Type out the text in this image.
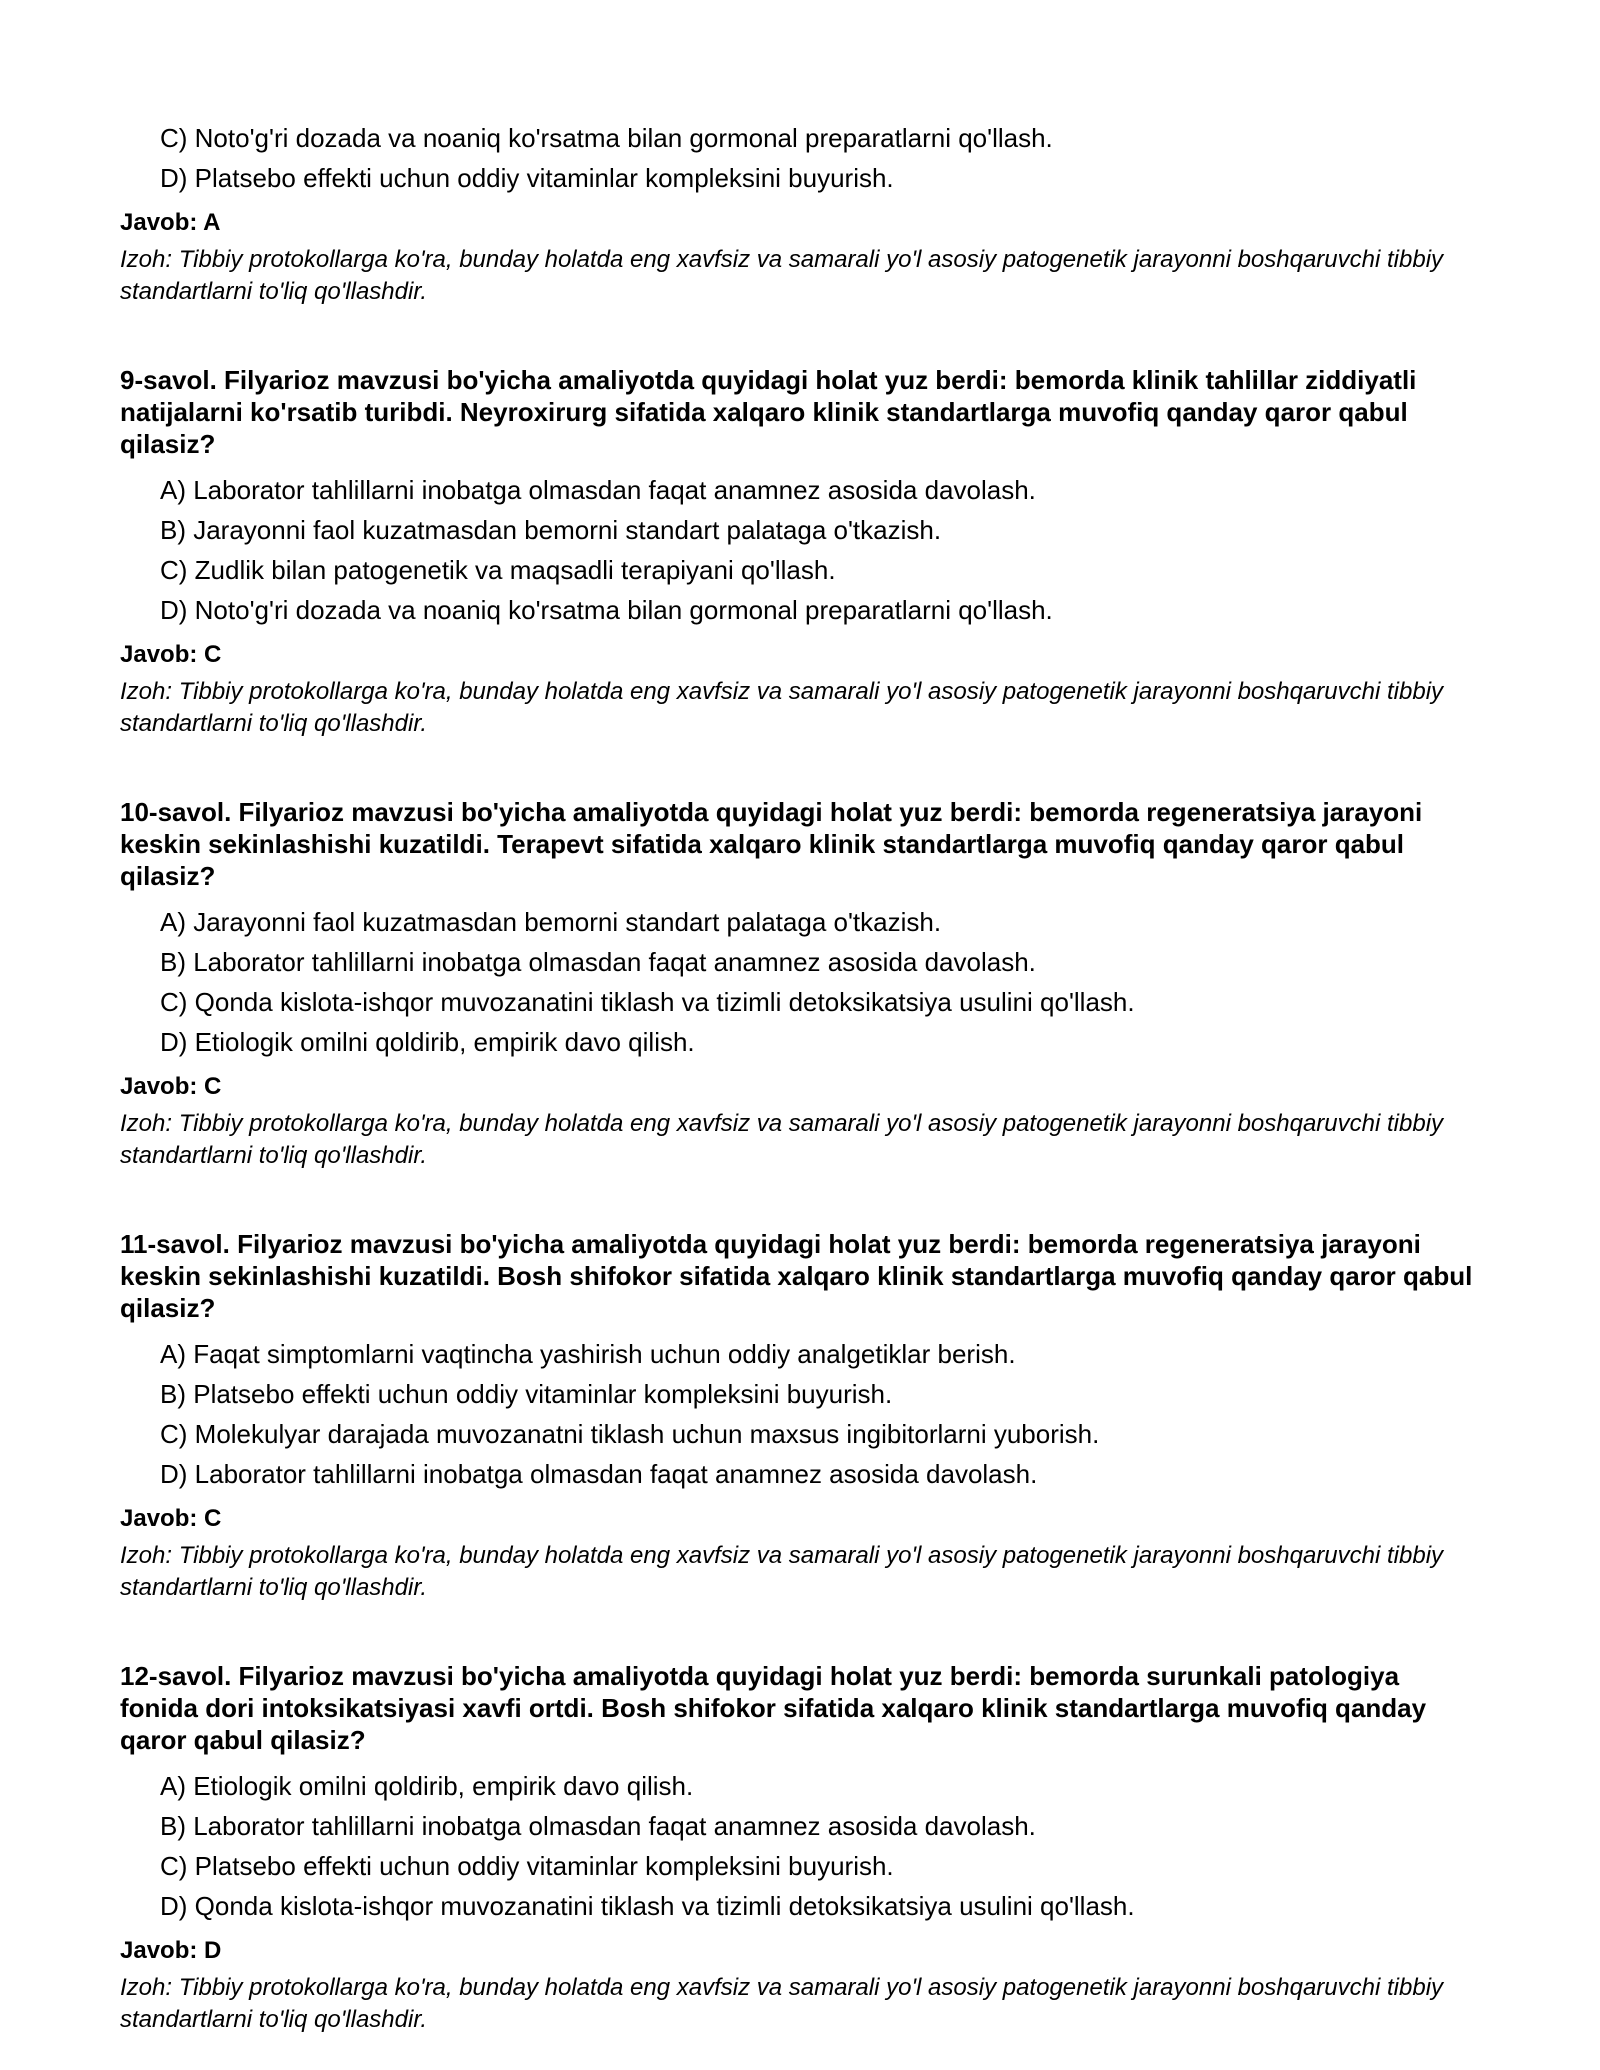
C) Noto'g'ri dozada va noaniq ko'rsatma bilan gormonal preparatlarni qo'llash.
D) Platsebo effekti uchun oddiy vitaminlar kompleksini buyurish.
Javob: A
Izoh: Tibbiy protokollarga ko'ra, bunday holatda eng xavfsiz va samarali yo'l asosiy patogenetik jarayonni boshqaruvchi tibbiy standartlarni to'liq qo'llashdir.
9-savol. Filyarioz mavzusi bo'yicha amaliyotda quyidagi holat yuz berdi: bemorda klinik tahlillar ziddiyatli natijalarni ko'rsatib turibdi. Neyroxirurg sifatida xalqaro klinik standartlarga muvofiq qanday qaror qabul qilasiz?
A) Laborator tahlillarni inobatga olmasdan faqat anamnez asosida davolash.
B) Jarayonni faol kuzatmasdan bemorni standart palataga o'tkazish.
C) Zudlik bilan patogenetik va maqsadli terapiyani qo'llash.
D) Noto'g'ri dozada va noaniq ko'rsatma bilan gormonal preparatlarni qo'llash.
Javob: C
Izoh: Tibbiy protokollarga ko'ra, bunday holatda eng xavfsiz va samarali yo'l asosiy patogenetik jarayonni boshqaruvchi tibbiy standartlarni to'liq qo'llashdir.
10-savol. Filyarioz mavzusi bo'yicha amaliyotda quyidagi holat yuz berdi: bemorda regeneratsiya jarayoni keskin sekinlashishi kuzatildi. Terapevt sifatida xalqaro klinik standartlarga muvofiq qanday qaror qabul qilasiz?
A) Jarayonni faol kuzatmasdan bemorni standart palataga o'tkazish.
B) Laborator tahlillarni inobatga olmasdan faqat anamnez asosida davolash.
C) Qonda kislota-ishqor muvozanatini tiklash va tizimli detoksikatsiya usulini qo'llash.
D) Etiologik omilni qoldirib, empirik davo qilish.
Javob: C
Izoh: Tibbiy protokollarga ko'ra, bunday holatda eng xavfsiz va samarali yo'l asosiy patogenetik jarayonni boshqaruvchi tibbiy standartlarni to'liq qo'llashdir.
11-savol. Filyarioz mavzusi bo'yicha amaliyotda quyidagi holat yuz berdi: bemorda regeneratsiya jarayoni keskin sekinlashishi kuzatildi. Bosh shifokor sifatida xalqaro klinik standartlarga muvofiq qanday qaror qabul qilasiz?
A) Faqat simptomlarni vaqtincha yashirish uchun oddiy analgetiklar berish.
B) Platsebo effekti uchun oddiy vitaminlar kompleksini buyurish.
C) Molekulyar darajada muvozanatni tiklash uchun maxsus ingibitorlarni yuborish.
D) Laborator tahlillarni inobatga olmasdan faqat anamnez asosida davolash.
Javob: C
Izoh: Tibbiy protokollarga ko'ra, bunday holatda eng xavfsiz va samarali yo'l asosiy patogenetik jarayonni boshqaruvchi tibbiy standartlarni to'liq qo'llashdir.
12-savol. Filyarioz mavzusi bo'yicha amaliyotda quyidagi holat yuz berdi: bemorda surunkali patologiya fonida dori intoksikatsiyasi xavfi ortdi. Bosh shifokor sifatida xalqaro klinik standartlarga muvofiq qanday qaror qabul qilasiz?
A) Etiologik omilni qoldirib, empirik davo qilish.
B) Laborator tahlillarni inobatga olmasdan faqat anamnez asosida davolash.
C) Platsebo effekti uchun oddiy vitaminlar kompleksini buyurish.
D) Qonda kislota-ishqor muvozanatini tiklash va tizimli detoksikatsiya usulini qo'llash.
Javob: D
Izoh: Tibbiy protokollarga ko'ra, bunday holatda eng xavfsiz va samarali yo'l asosiy patogenetik jarayonni boshqaruvchi tibbiy standartlarni to'liq qo'llashdir.
